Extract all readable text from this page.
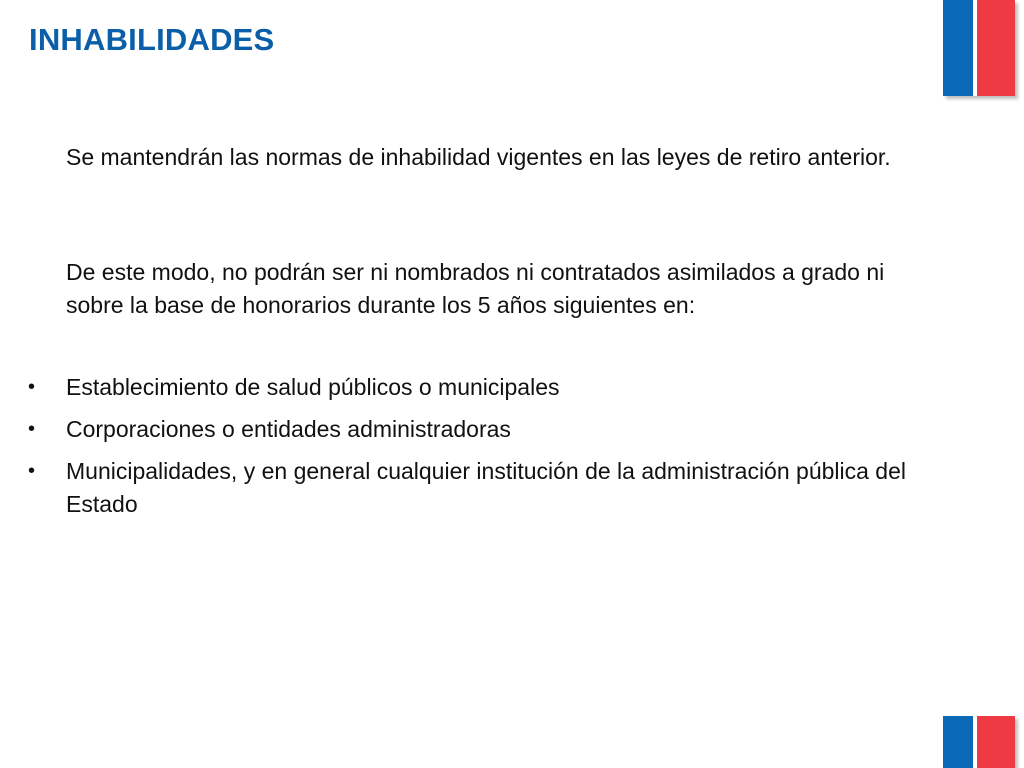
INHABILIDADES

Se mantendrán las normas de inhabilidad vigentes en las leyes de retiro anterior.

De este modo, no podrán ser ni nombrados ni contratados asimilados a grado ni sobre la base de honorarios durante los 5 años siguientes en:

• Establecimiento de salud públicos o municipales
• Corporaciones o entidades administradoras
• Municipalidades, y en general cualquier institución de la administración pública del Estado
